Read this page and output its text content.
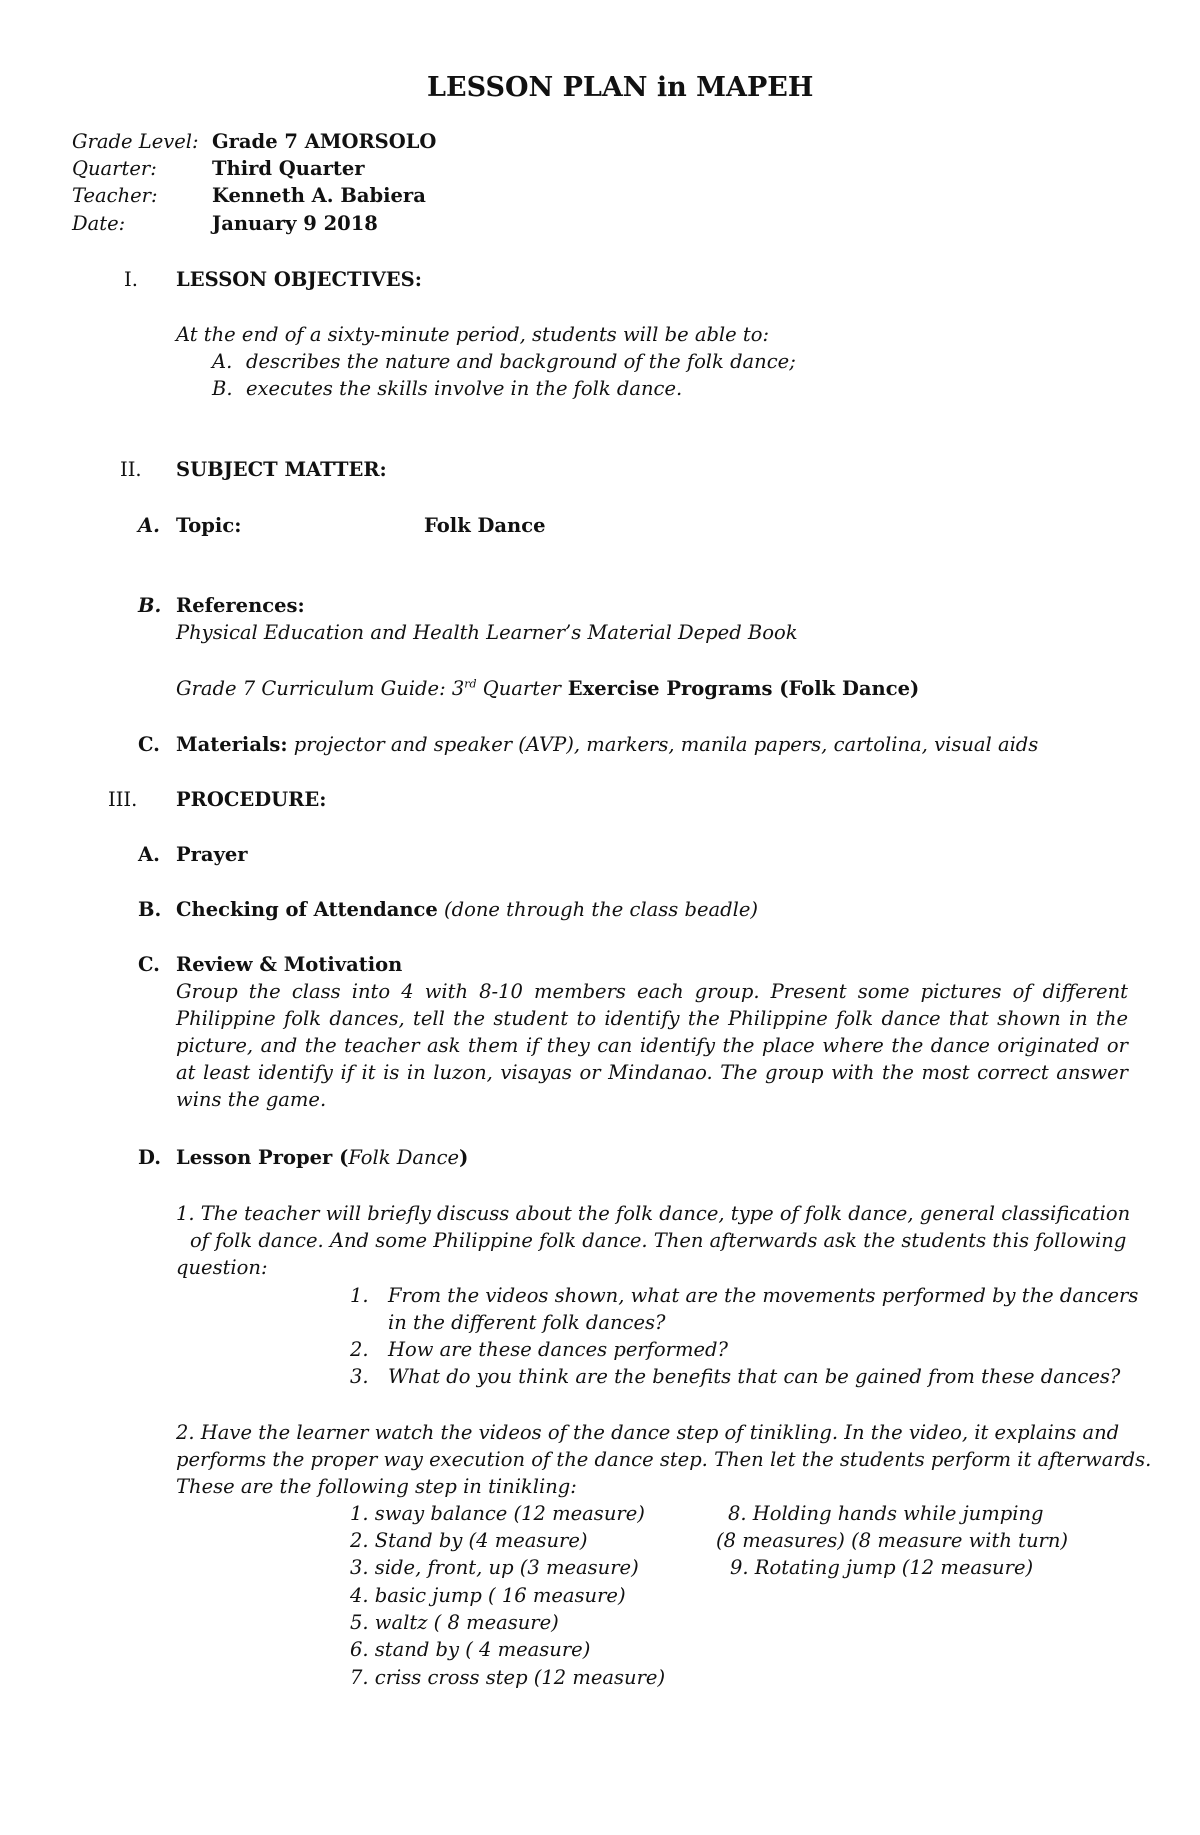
LESSON PLAN in MAPEH
Grade Level: Grade 7 AMORSOLO
Quarter:	Third Quarter
Teacher:	Kenneth A. Babiera
Date:	January 9 2018
I. LESSON OBJECTIVES:
At the end of a sixty-minute period, students will be able to:
A. describes the nature and background of the folk dance;
B. executes the skills involve in the folk dance.
II. SUBJECT MATTER:
A. Topic:	Folk Dance
B. References:
Physical Education and Health Learner’s Material Deped Book
Grade 7 Curriculum Guide: 3rd Quarter Exercise Programs (Folk Dance)
C. Materials: projector and speaker (AVP), markers, manila papers, cartolina, visual aids
III. PROCEDURE:
A. Prayer
B. Checking of Attendance (done through the class beadle)
C. Review & Motivation
Group the class into 4 with 8-10 members each group. Present some pictures of different Philippine folk dances, tell the student to identify the Philippine folk dance that shown in the picture, and the teacher ask them if they can identify the place where the dance originated or at least identify if it is in luzon, visayas or Mindanao. The group with the most correct answer wins the game.
D. Lesson Proper (Folk Dance)
1. The teacher will briefly discuss about the folk dance, type of folk dance, general classification
of folk dance. And some Philippine folk dance. Then afterwards ask the students this following
question:
1. From the videos shown, what are the movements performed by the dancers
in the different folk dances?
2. How are these dances performed?
3. What do you think are the benefits that can be gained from these dances?
2. Have the learner watch the videos of the dance step of tinikling. In the video, it explains and
performs the proper way execution of the dance step. Then let the students perform it afterwards.
These are the following step in tinikling:
1. sway balance (12 measure)
2. Stand by (4 measure)
3. side, front, up (3 measure)
4. basic jump ( 16 measure)
5. waltz ( 8 measure)
6. stand by ( 4 measure)
7. criss cross step (12 measure)
8. Holding hands while jumping
(8 measures) (8 measure with turn)
9. Rotating jump (12 measure)
